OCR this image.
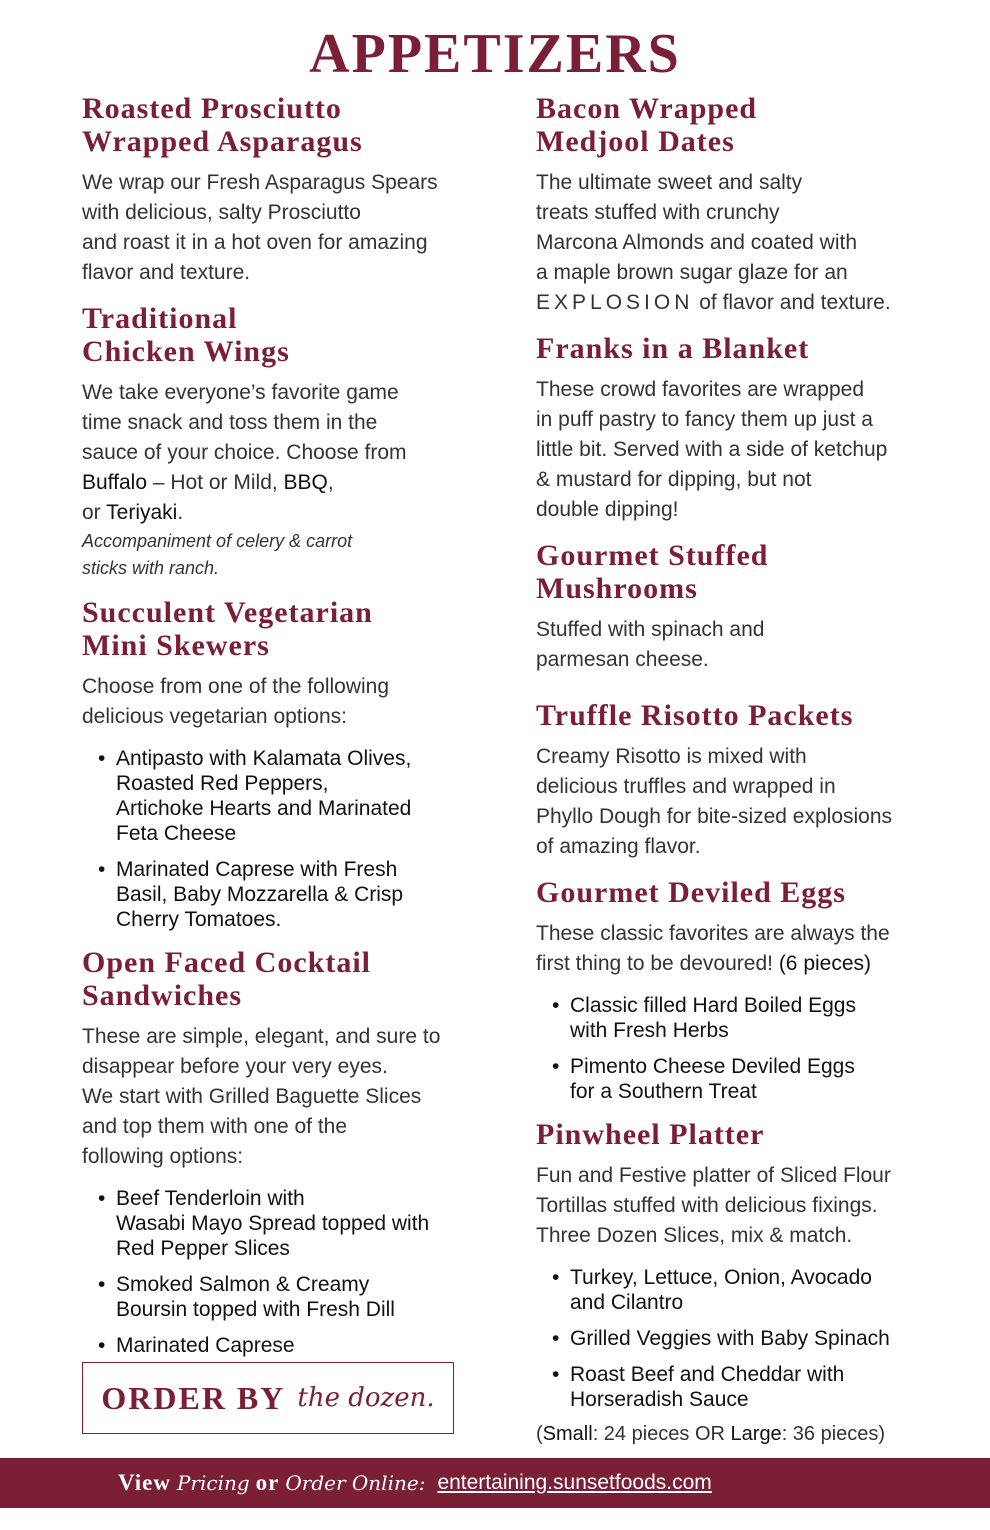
APPETIZERS
Roasted Prosciutto
Wrapped Asparagus
We wrap our Fresh Asparagus Spears
with delicious, salty Prosciutto
and roast it in a hot oven for amazing
flavor and texture.
Traditional
Chicken Wings
We take everyone’s favorite game
time snack and toss them in the
sauce of your choice. Choose from
Buffalo – Hot or Mild, BBQ,
or Teriyaki.
Accompaniment of celery & carrot
sticks with ranch.
Succulent Vegetarian
Mini Skewers
Choose from one of the following
delicious vegetarian options:
• Antipasto with Kalamata Olives,
Roasted Red Peppers,
Artichoke Hearts and Marinated
Feta Cheese
• Marinated Caprese with Fresh
Basil, Baby Mozzarella & Crisp
Cherry Tomatoes.
Open Faced Cocktail
Sandwiches
These are simple, elegant, and sure to
disappear before your very eyes.
We start with Grilled Baguette Slices
and top them with one of the
following options:
• Beef Tenderloin with
Wasabi Mayo Spread topped with
Red Pepper Slices
• Smoked Salmon & Creamy
Boursin topped with Fresh Dill
• Marinated Caprese
ORDER BY the dozen.
Bacon Wrapped
Medjool Dates
The ultimate sweet and salty
treats stuffed with crunchy
Marcona Almonds and coated with
a maple brown sugar glaze for an
EXPLOSION of flavor and texture.
Franks in a Blanket
These crowd favorites are wrapped
in puff pastry to fancy them up just a
little bit. Served with a side of ketchup
& mustard for dipping, but not
double dipping!
Gourmet Stuffed
Mushrooms
Stuffed with spinach and
parmesan cheese.
Truffle Risotto Packets
Creamy Risotto is mixed with
delicious truffles and wrapped in
Phyllo Dough for bite-sized explosions
of amazing flavor.
Gourmet Deviled Eggs
These classic favorites are always the
first thing to be devoured! (6 pieces)
• Classic filled Hard Boiled Eggs
with Fresh Herbs
• Pimento Cheese Deviled Eggs
for a Southern Treat
Pinwheel Platter
Fun and Festive platter of Sliced Flour
Tortillas stuffed with delicious fixings.
Three Dozen Slices, mix & match.
• Turkey, Lettuce, Onion, Avocado
and Cilantro
• Grilled Veggies with Baby Spinach
• Roast Beef and Cheddar with
Horseradish Sauce
(Small: 24 pieces OR Large: 36 pieces)
View Pricing or Order Online: entertaining.sunsetfoods.com
